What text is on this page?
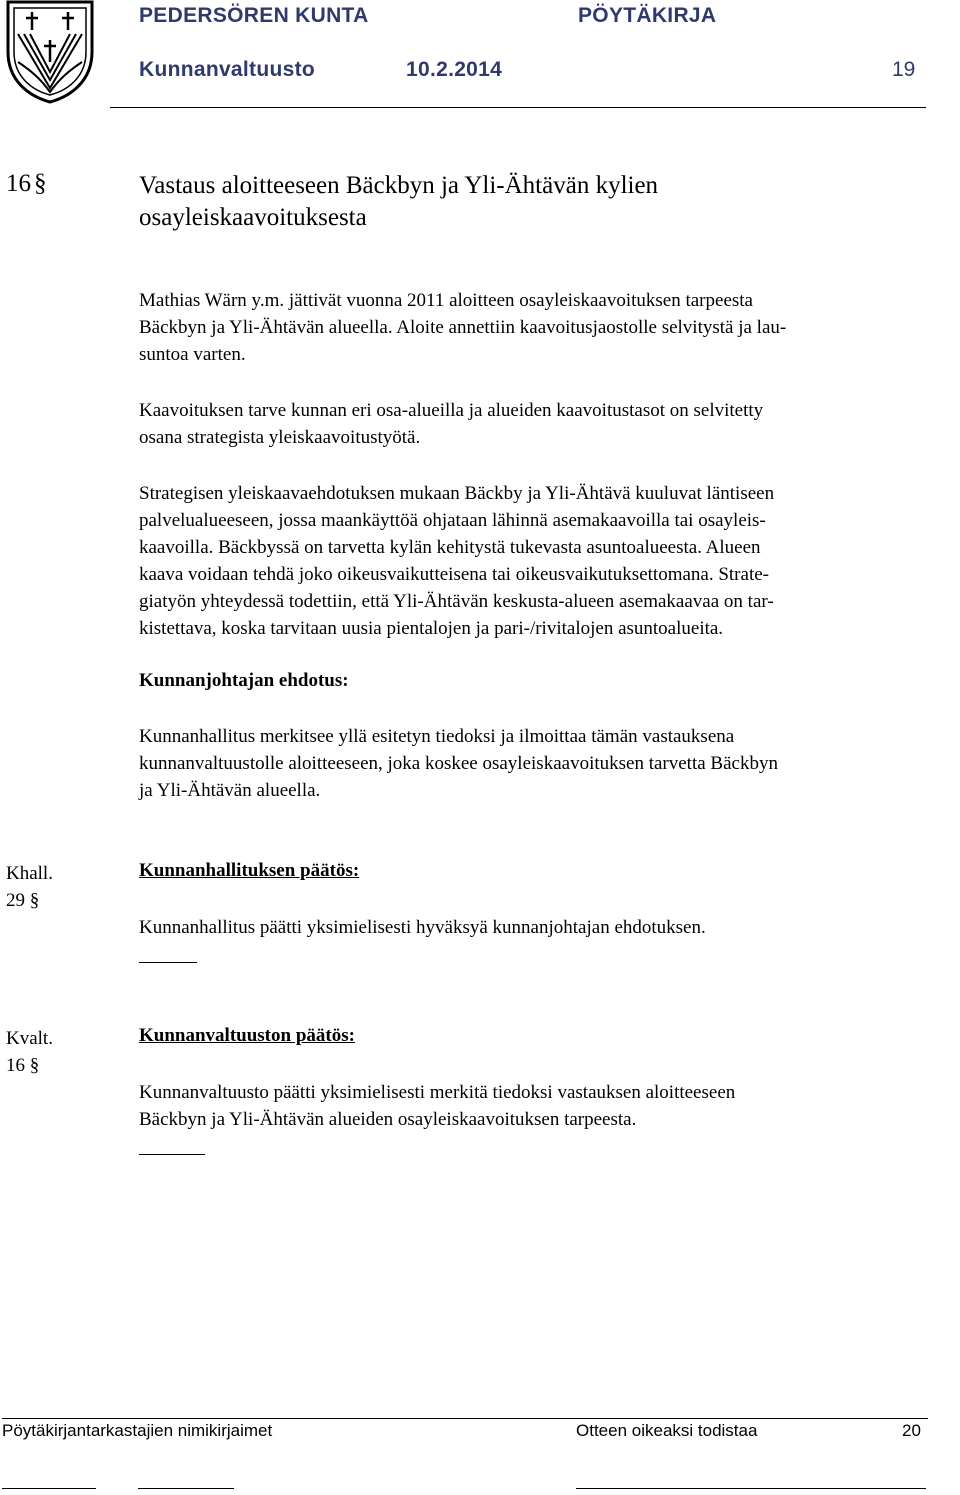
PEDERSÖREN KUNTA	PÖYTÄKIRJA
Kunnanvaltuusto	10.2.2014	19
16 §	Vastaus aloitteeseen Bäckbyn ja Yli-Ähtävän kylien
osayleiskaavoituksesta
Mathias Wärn y.m. jättivät vuonna 2011 aloitteen osayleiskaavoituksen tarpeesta
Bäckbyn ja Yli-Ähtävän alueella. Aloite annettiin kaavoitusjaostolle selvitystä ja lau-
suntoa varten.
Kaavoituksen tarve kunnan eri osa-alueilla ja alueiden kaavoitustasot on selvitetty
osana strategista yleiskaavoitustyötä.
Strategisen yleiskaavaehdotuksen mukaan Bäckby ja Yli-Ähtävä kuuluvat läntiseen
palvelualueeseen, jossa maankäyttöä ohjataan lähinnä asemakaavoilla tai osayleis-
kaavoilla. Bäckbyssä on tarvetta kylän kehitystä tukevasta asuntoalueesta. Alueen
kaava voidaan tehdä joko oikeusvaikutteisena tai oikeusvaikutuksettomana. Strate-
giatyön yhteydessä todettiin, että Yli-Ähtävän keskusta-alueen asemakaavaa on tar-
kistettava, koska tarvitaan uusia pientalojen ja pari-/rivitalojen asuntoalueita.
Kunnanjohtajan ehdotus:
Kunnanhallitus merkitsee yllä esitetyn tiedoksi ja ilmoittaa tämän vastauksena
kunnanvaltuustolle aloitteeseen, joka koskee osayleiskaavoituksen tarvetta Bäckbyn
ja Yli-Ähtävän alueella.
Khall.
29 §
Kunnanhallituksen päätös:
Kunnanhallitus päätti yksimielisesti hyväksyä kunnanjohtajan ehdotuksen.
Kvalt.
16 §
Kunnanvaltuuston päätös:
Kunnanvaltuusto päätti yksimielisesti merkitä tiedoksi vastauksen aloitteeseen
Bäckbyn ja Yli-Ähtävän alueiden osayleiskaavoituksen tarpeesta.
Pöytäkirjantarkastajien nimikirjaimet	Otteen oikeaksi todistaa	20
